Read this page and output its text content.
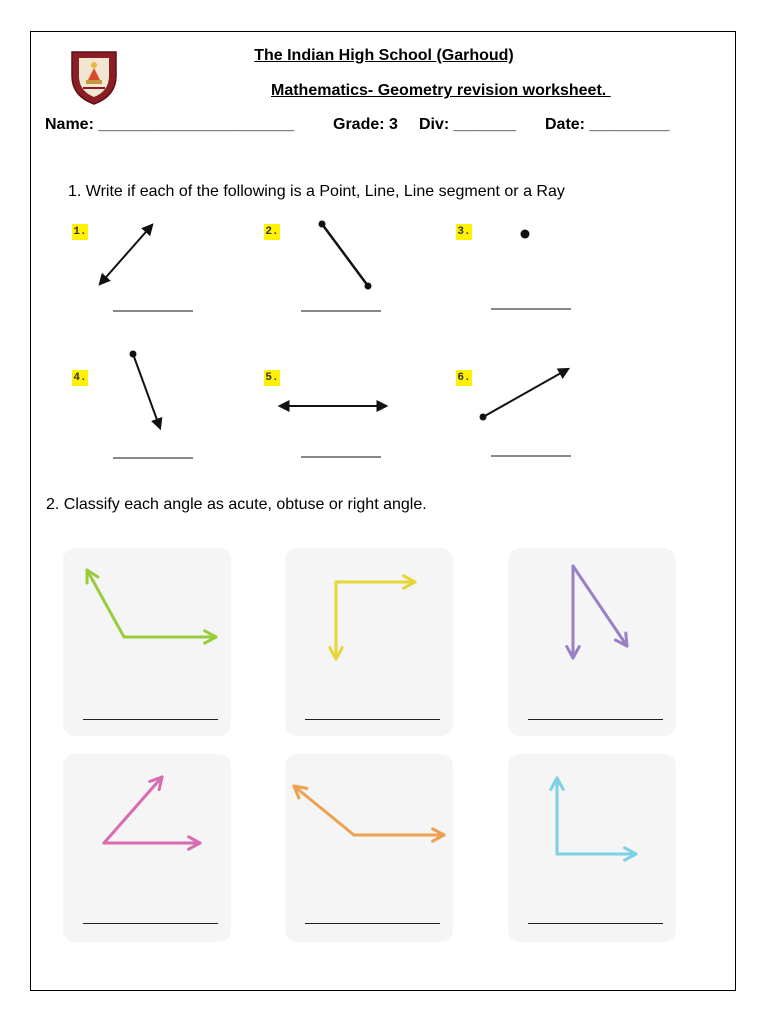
The Indian High School (Garhoud)
Mathematics- Geometry revision worksheet.
Name: ______________________ Grade: 3 Div: _______ Date: _________
1. Write if each of the following is a Point, Line, Line segment or a Ray
1.	2.	3.
4.	5.	6.
2. Classify each angle as acute, obtuse or right angle.
